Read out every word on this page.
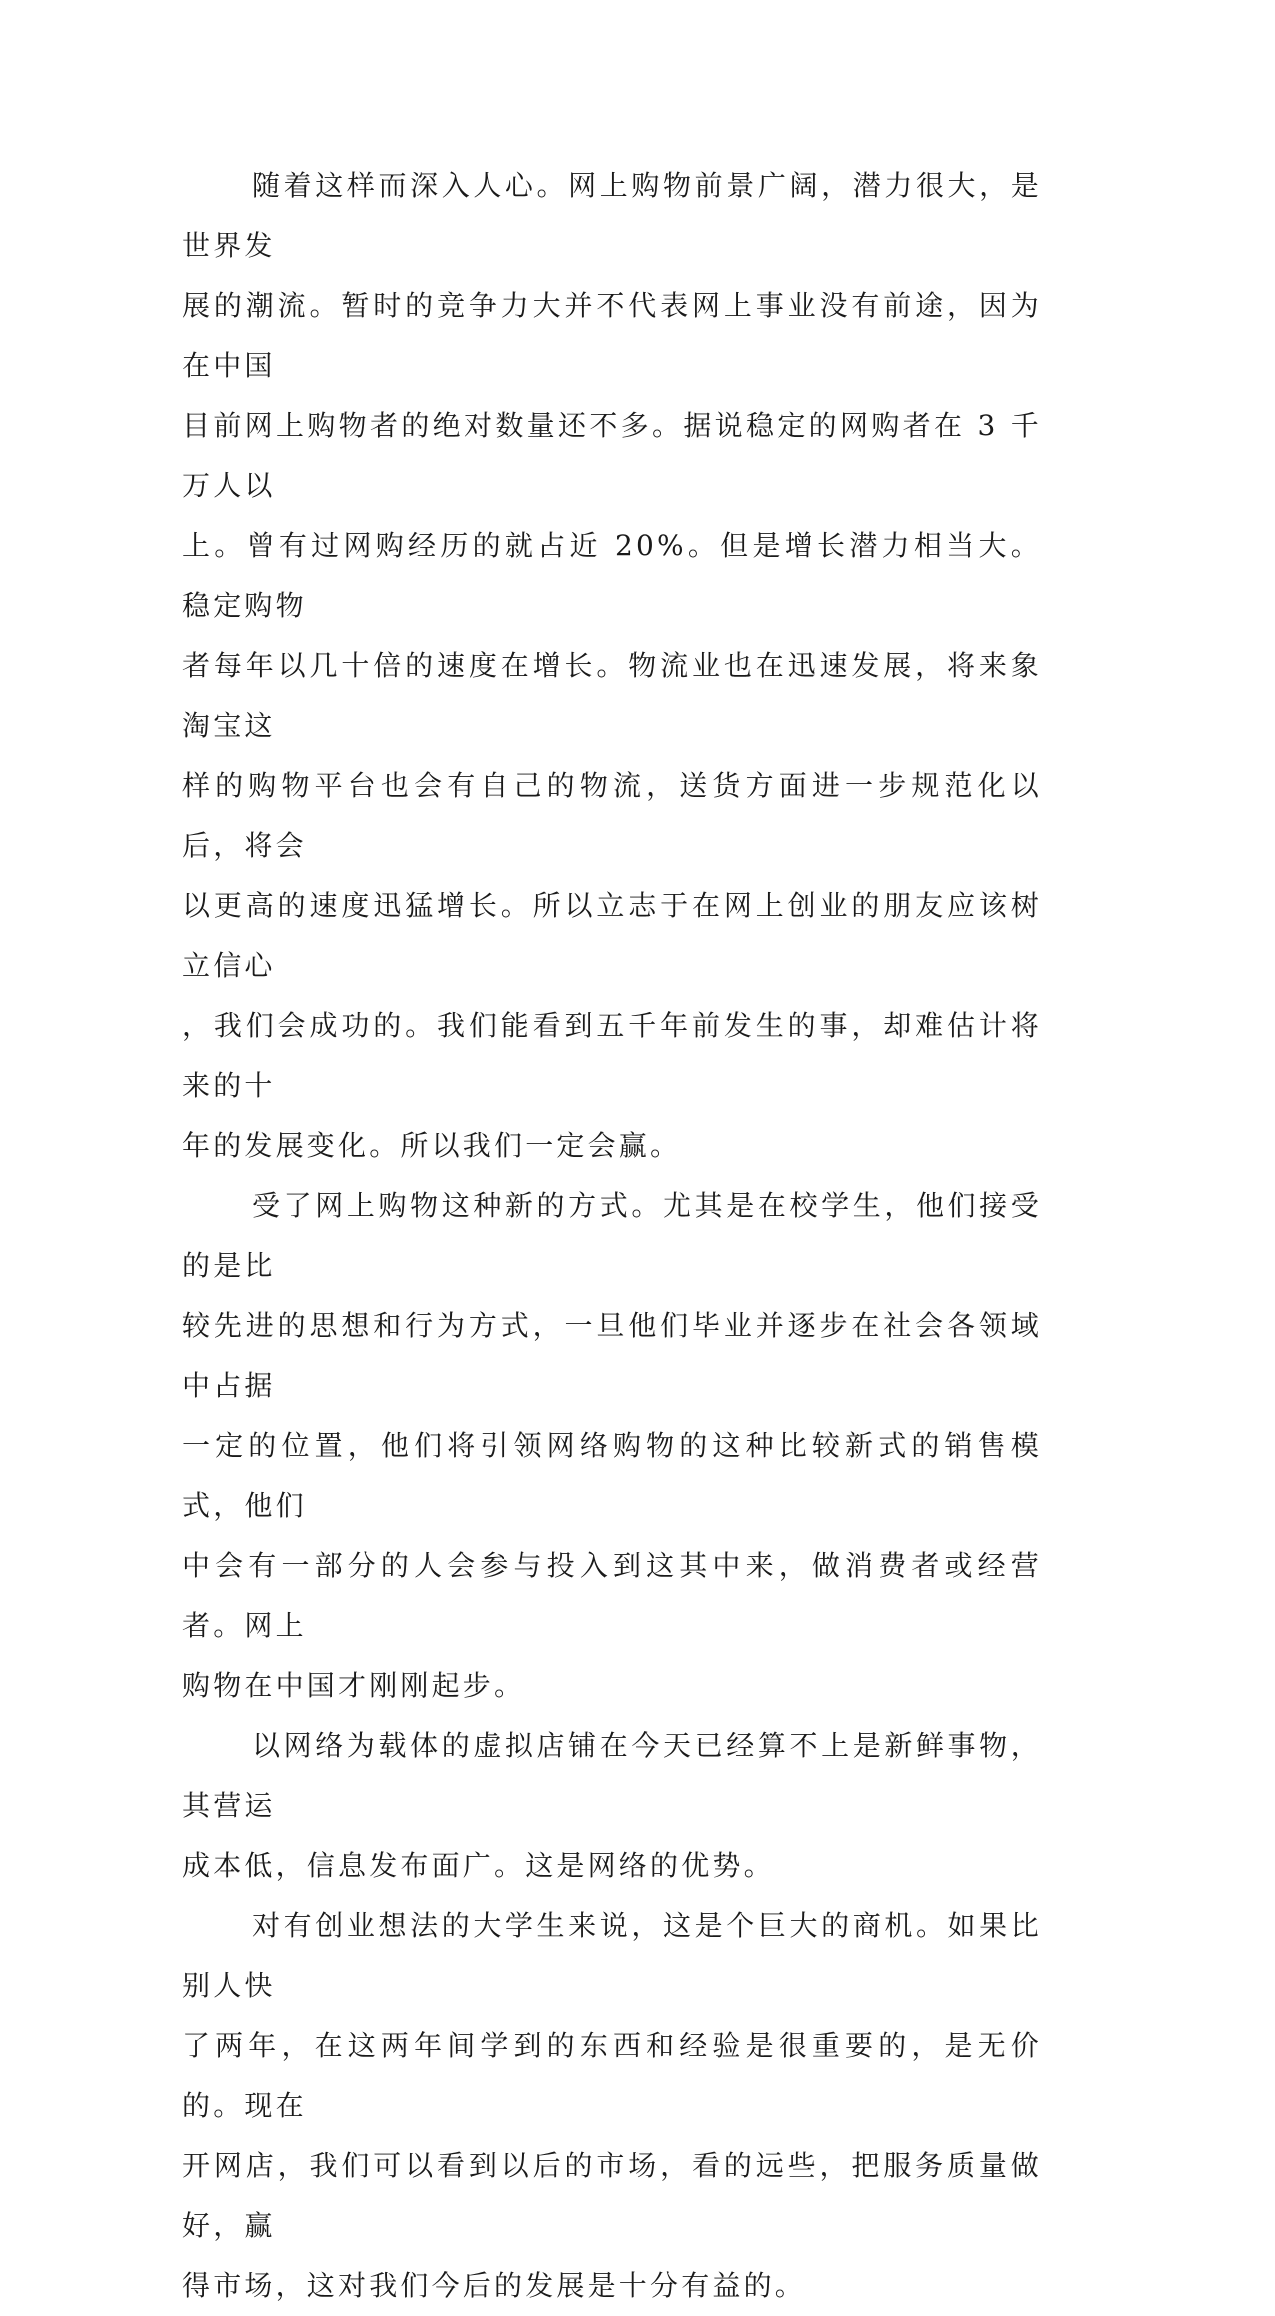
随着这样而深入人心。网上购物前景广阔，潜力很大，是世界发
展的潮流。暂时的竞争力大并不代表网上事业没有前途，因为在中国
目前网上购物者的绝对数量还不多。据说稳定的网购者在 3 千万人以
上。曾有过网购经历的就占近 20%。但是增长潜力相当大。稳定购物
者每年以几十倍的速度在增长。物流业也在迅速发展，将来象淘宝这
样的购物平台也会有自己的物流，送货方面进一步规范化以后，将会
以更高的速度迅猛增长。所以立志于在网上创业的朋友应该树立信心
，我们会成功的。我们能看到五千年前发生的事，却难估计将来的十
年的发展变化。所以我们一定会赢。

受了网上购物这种新的方式。尤其是在校学生，他们接受的是比
较先进的思想和行为方式，一旦他们毕业并逐步在社会各领域中占据
一定的位置，他们将引领网络购物的这种比较新式的销售模式，他们
中会有一部分的人会参与投入到这其中来，做消费者或经营者。网上
购物在中国才刚刚起步。

以网络为载体的虚拟店铺在今天已经算不上是新鲜事物，其营运
成本低，信息发布面广。这是网络的优势。

对有创业想法的大学生来说，这是个巨大的商机。如果比别人快
了两年，在这两年间学到的东西和经验是很重要的，是无价的。现在
开网店，我们可以看到以后的市场，看的远些，把服务质量做好，赢
得市场，这对我们今后的发展是十分有益的。
